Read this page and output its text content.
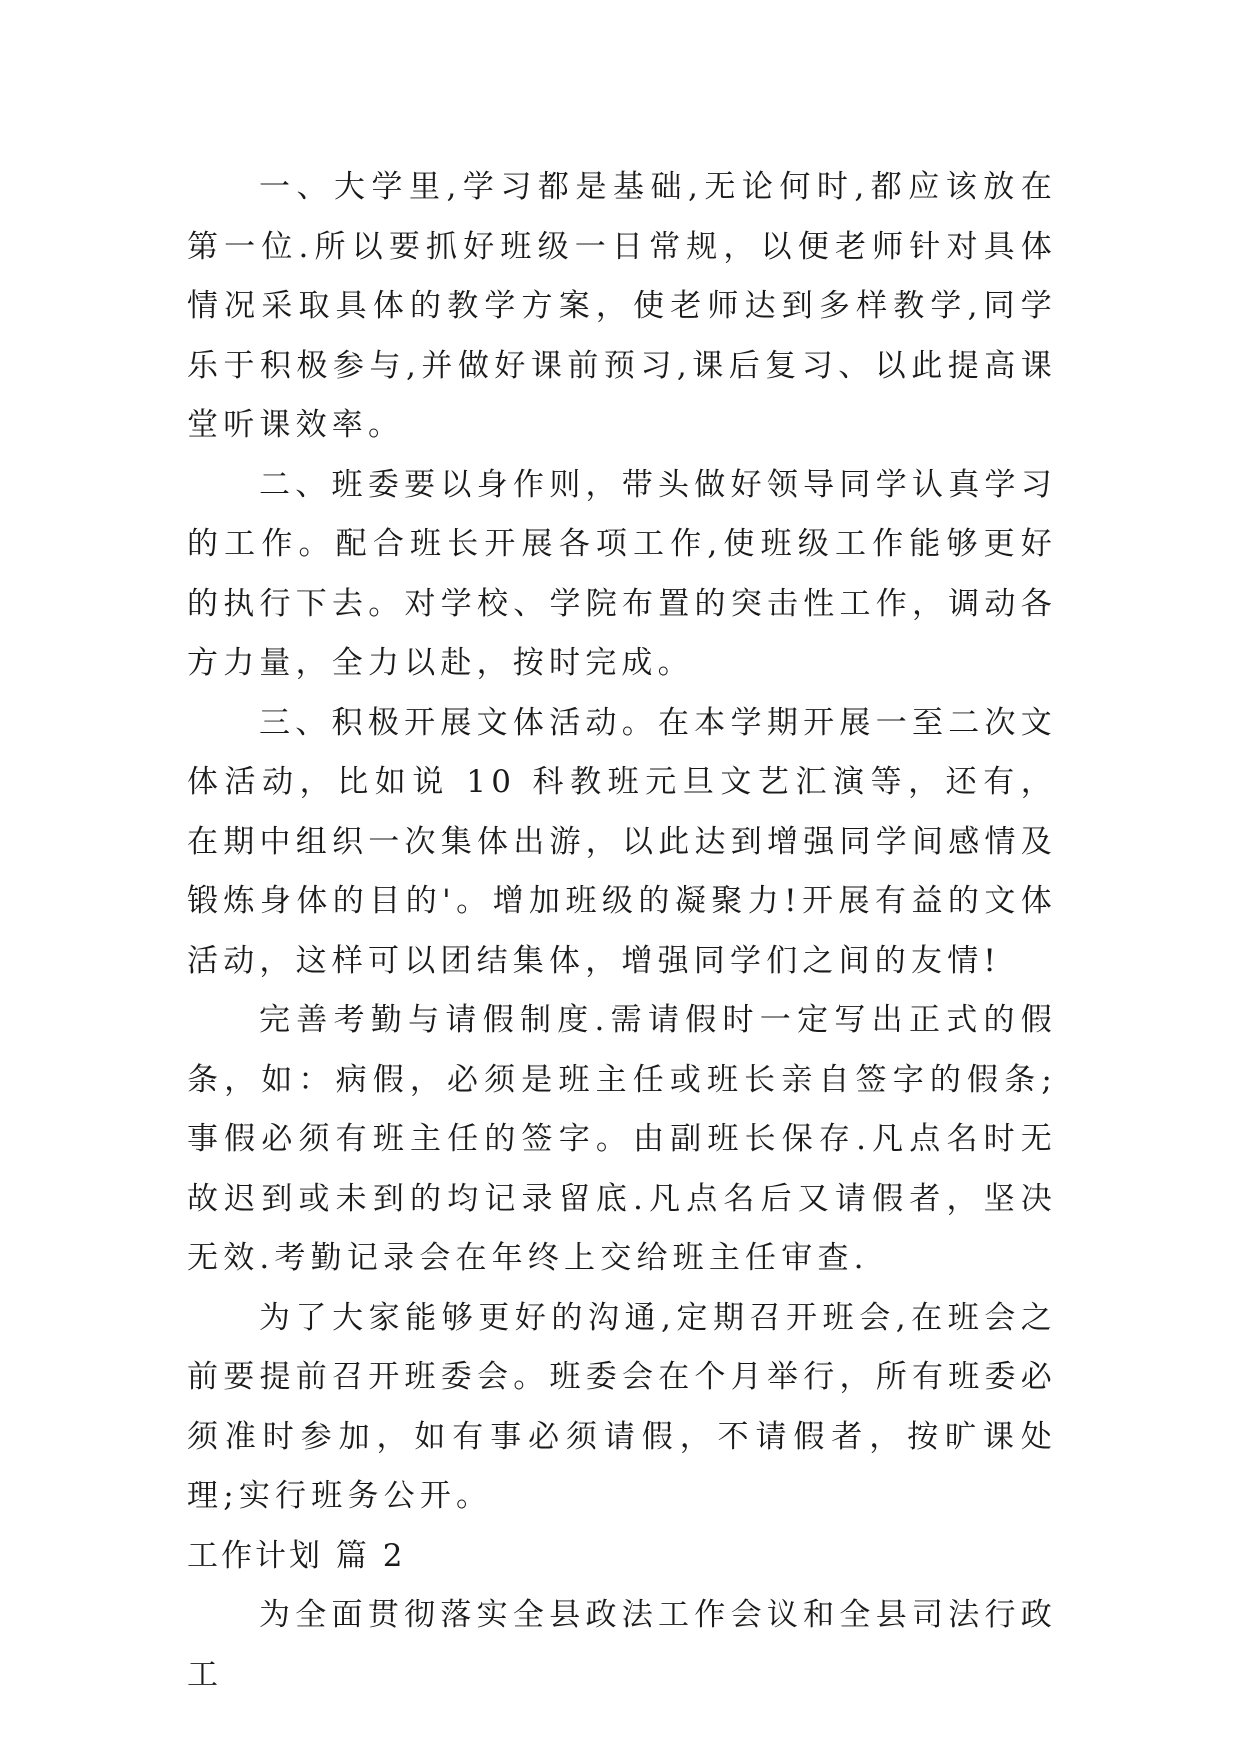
一、大学里,学习都是基础,无论何时,都应该放在第一位.所以要抓好班级一日常规，以便老师针对具体情况采取具体的教学方案，使老师达到多样教学,同学乐于积极参与,并做好课前预习,课后复习、以此提高课堂听课效率。

二、班委要以身作则，带头做好领导同学认真学习的工作。配合班长开展各项工作,使班级工作能够更好的执行下去。对学校、学院布置的突击性工作，调动各方力量，全力以赴，按时完成。

三、积极开展文体活动。在本学期开展一至二次文体活动，比如说 10 科教班元旦文艺汇演等，还有，在期中组织一次集体出游，以此达到增强同学间感情及锻炼身体的目的'。增加班级的凝聚力!开展有益的文体活动，这样可以团结集体，增强同学们之间的友情!

完善考勤与请假制度.需请假时一定写出正式的假条，如：病假，必须是班主任或班长亲自签字的假条;事假必须有班主任的签字。由副班长保存.凡点名时无故迟到或未到的均记录留底.凡点名后又请假者，坚决无效.考勤记录会在年终上交给班主任审查.

为了大家能够更好的沟通,定期召开班会,在班会之前要提前召开班委会。班委会在个月举行，所有班委必须准时参加，如有事必须请假，不请假者，按旷课处理;实行班务公开。

工作计划 篇 2

为全面贯彻落实全县政法工作会议和全县司法行政工
